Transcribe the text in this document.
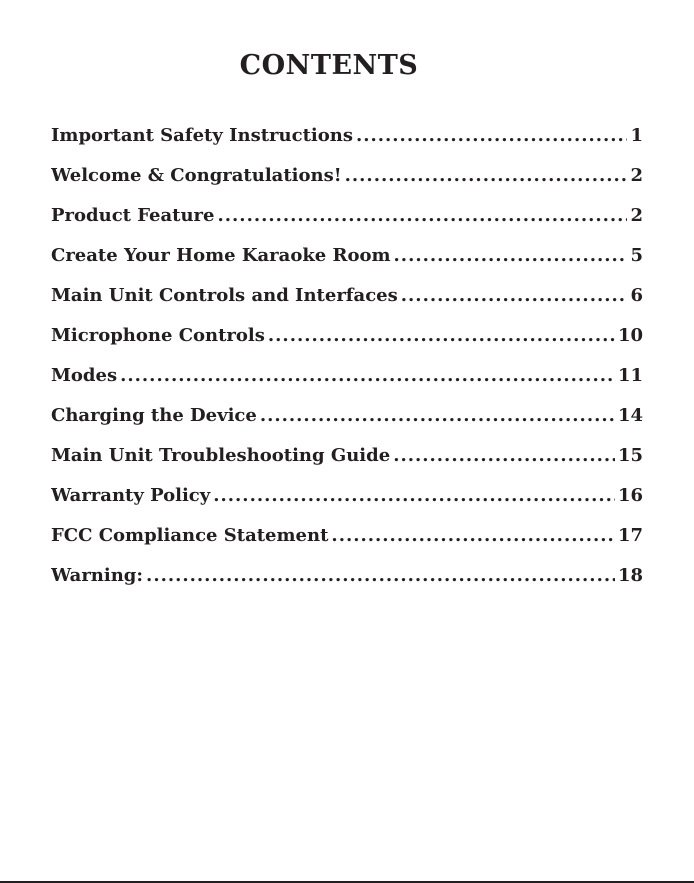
CONTENTS
Important Safety Instructions .....	1
Welcome & Congratulations! .....	2
Product Feature .....	2
Create Your Home Karaoke Room .....	5
Main Unit Controls and Interfaces .....	6
Microphone Controls .....	10
Modes .....	11
Charging the Device .....	14
Main Unit Troubleshooting Guide .....	15
Warranty Policy .....	16
FCC Compliance Statement .....	17
Warning: .....	18
